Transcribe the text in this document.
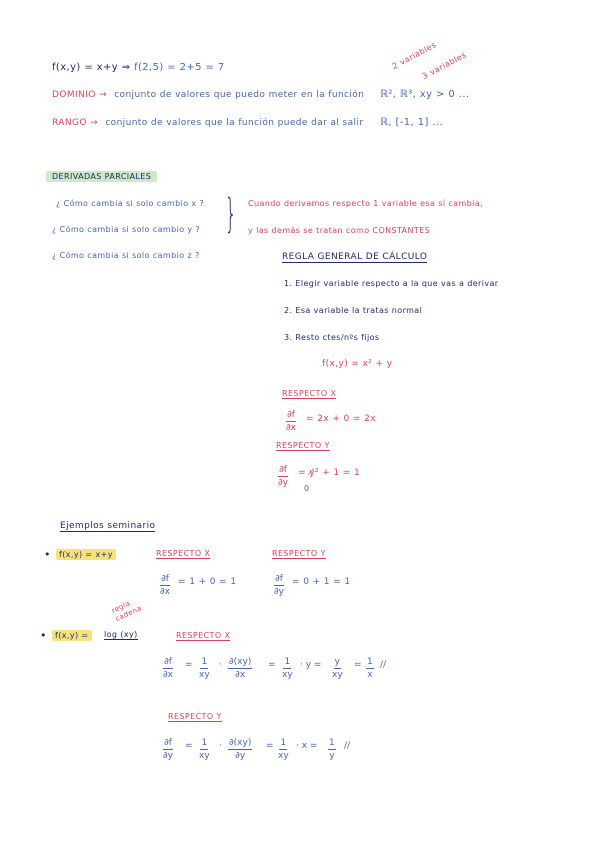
f(x,y) = x+y ⇒ f(2,5) = 2+5 = 7	2 variables
3 variables
DOMINIO → conjunto de valores que puedo meter en la función ℝ², ℝ³, xy > 0 ...
RANGO → conjunto de valores que la función puede dar al salir ℝ, [-1, 1] ...
DERIVADAS PARCIALES
¿ Cómo cambia si solo cambio x ?
¿ Cómo cambia si solo cambio y ?
¿ Cómo cambia si solo cambio z ?
} Cuando derivamos respecto 1 variable esa sí cambia,
y las demás se tratan como CONSTANTES
REGLA GENERAL DE CÁLCULO
1. Elegir variable respecto a la que vas a derivar
2. Esa variable la tratas normal
3. Resto ctes/nºs fijos
f(x,y) = x² + y
RESPECTO X
$\frac{\partial f}{\partial x} = 2x + 0 = 2x$
RESPECTO Y
$\frac{\partial f}{\partial y}$ = y̸² + 1 = 1
0
Ejemplos seminario
•	f(x,y) = x+y	RESPECTO X	RESPECTO Y
$\frac{\partial f}{\partial x} = 1 + 0 = 1$	$\frac{\partial f}{\partial y} = 0 + 1 = 1$
•	f(x,y) =	log (xy)
regla cadena
RESPECTO X
$\frac{\partial f}{\partial x} = \frac{1}{xy} \cdot \frac{\partial(xy)}{\partial x} = \frac{1}{xy} \cdot y = \frac{y}{xy} = \frac{1}{x}$ //
RESPECTO Y
$\frac{\partial f}{\partial y} = \frac{1}{xy} \cdot \frac{\partial(xy)}{\partial y} = \frac{1}{xy} \cdot x = \frac{1}{y}$ //
